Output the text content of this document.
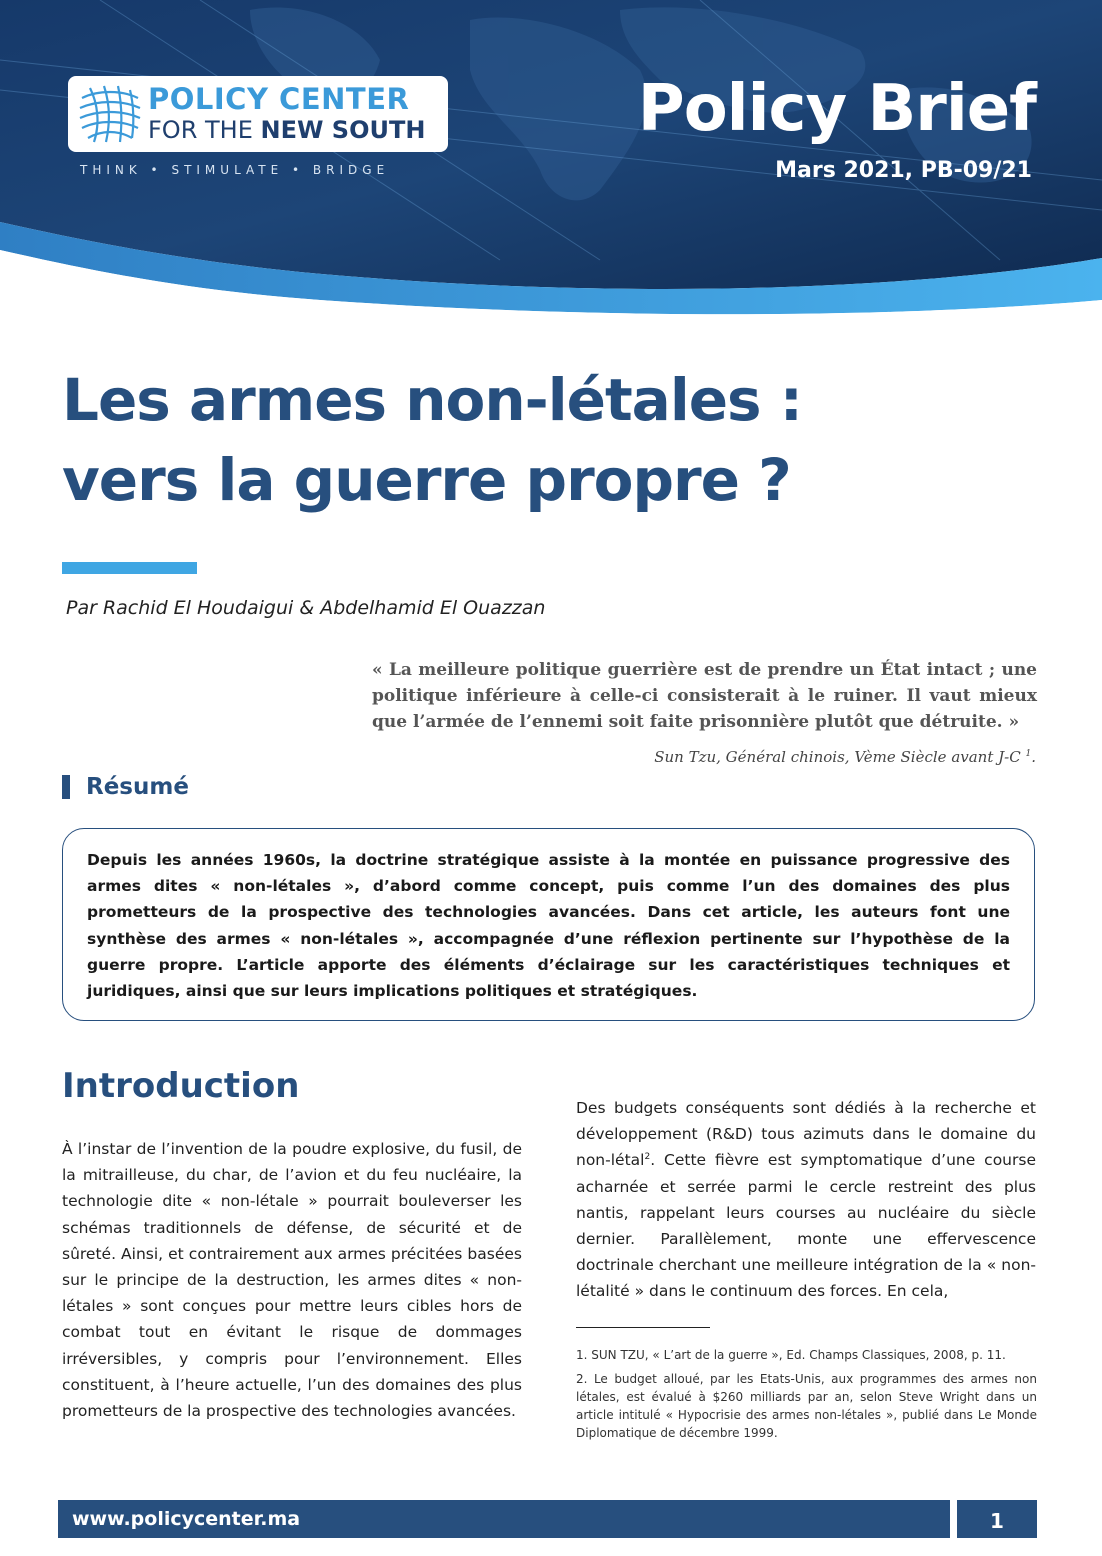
POLICY CENTER
FOR THE NEW SOUTH
THINK • STIMULATE • BRIDGE
Policy Brief
Mars 2021, PB-09/21
Les armes non-létales :
vers la guerre propre ?
Par Rachid El Houdaigui & Abdelhamid El Ouazzan
« La meilleure politique guerrière est de prendre un État intact ; une politique inférieure à celle-ci consisterait à le ruiner. Il vaut mieux que l’armée de l’ennemi soit faite prisonnière plutôt que détruite. »
Sun Tzu, Général chinois, Vème Siècle avant J-C $^1$.
Résumé

Depuis les années 1960s, la doctrine stratégique assiste à la montée en puissance progressive des armes dites « non-létales », d’abord comme concept, puis comme l’un des domaines des plus prometteurs de la prospective des technologies avancées. Dans cet article, les auteurs font une synthèse des armes « non-létales », accompagnée d’une réflexion pertinente sur l’hypothèse de la guerre propre. L’article apporte des éléments d’éclairage sur les caractéristiques techniques et juridiques, ainsi que sur leurs implications politiques et stratégiques.

Introduction

À l’instar de l’invention de la poudre explosive, du fusil, de la mitrailleuse, du char, de l’avion et du feu nucléaire, la technologie dite « non-létale » pourrait bouleverser les schémas traditionnels de défense, de sécurité et de sûreté. Ainsi, et contrairement aux armes précitées basées sur le principe de la destruction, les armes dites « non-létales » sont conçues pour mettre leurs cibles hors de combat tout en évitant le risque de dommages irréversibles, y compris pour l’environnement. Elles constituent, à l’heure actuelle, l’un des domaines des plus prometteurs de la prospective des technologies avancées.

Des budgets conséquents sont dédiés à la recherche et développement (R&D) tous azimuts dans le domaine du non-létal$^2$. Cette fièvre est symptomatique d’une course acharnée et serrée parmi le cercle restreint des plus nantis, rappelant leurs courses au nucléaire du siècle dernier. Parallèlement, monte une effervescence doctrinale cherchant une meilleure intégration de la « non-létalité » dans le continuum des forces. En cela,

1. SUN TZU, « L’art de la guerre », Ed. Champs Classiques, 2008, p. 11.

2. Le budget alloué, par les Etats-Unis, aux programmes des armes non létales, est évalué à $260 milliards par an, selon Steve Wright dans un article intitulé « Hypocrisie des armes non-létales », publié dans Le Monde Diplomatique de décembre 1999.

www.policycenter.ma	1
